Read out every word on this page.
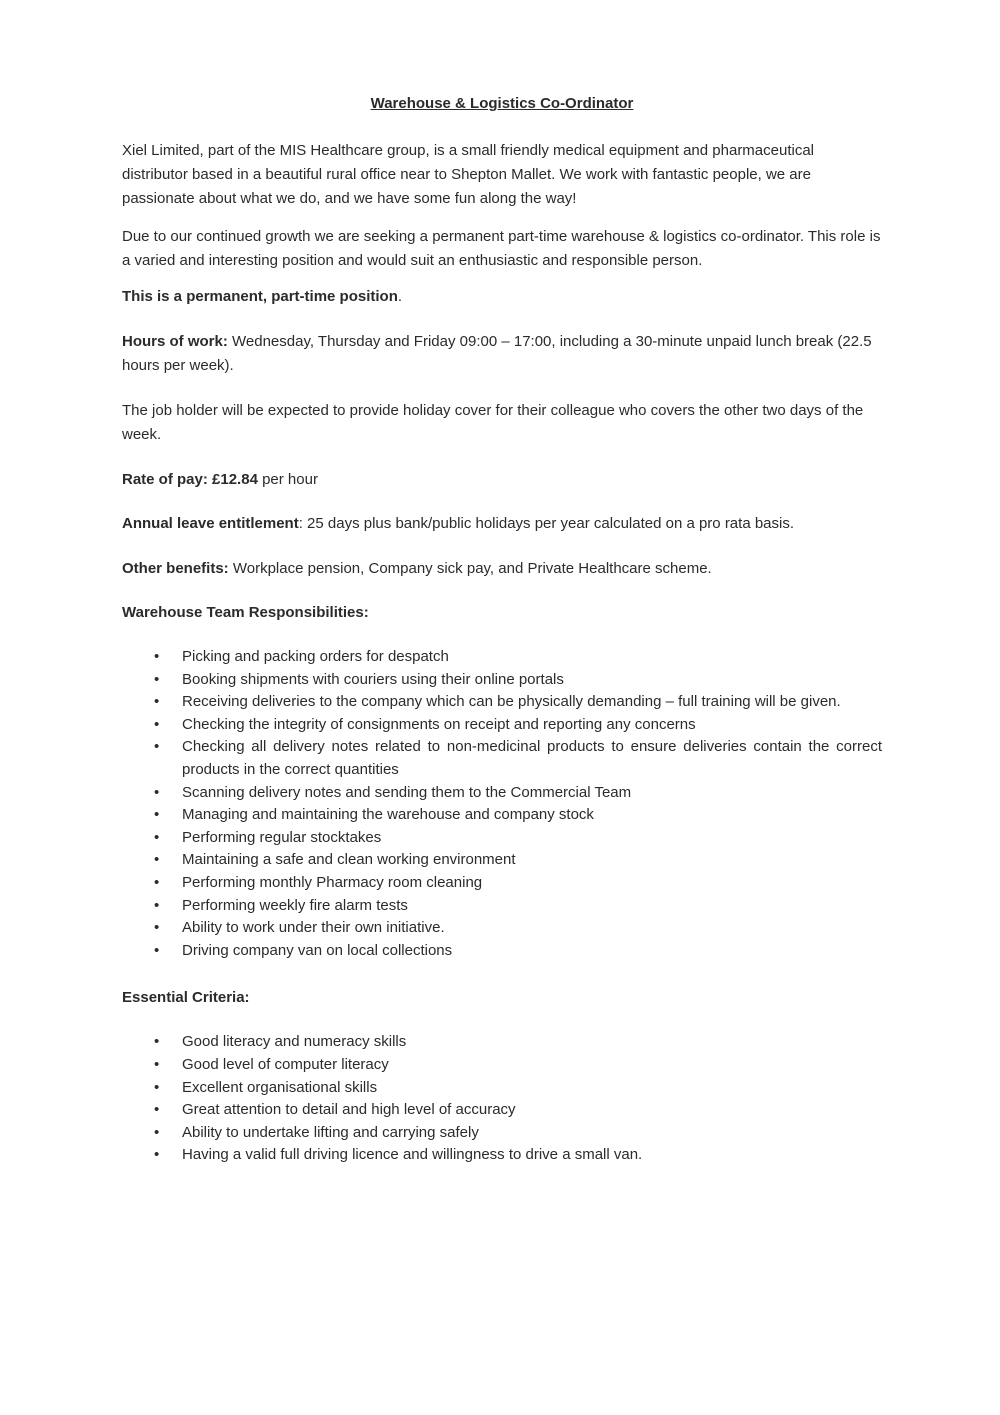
Warehouse & Logistics Co-Ordinator

Xiel Limited, part of the MIS Healthcare group, is a small friendly medical equipment and pharmaceutical distributor based in a beautiful rural office near to Shepton Mallet. We work with fantastic people, we are passionate about what we do, and we have some fun along the way!

Due to our continued growth we are seeking a permanent part-time warehouse & logistics co-ordinator. This role is a varied and interesting position and would suit an enthusiastic and responsible person.

This is a permanent, part-time position.

Hours of work: Wednesday, Thursday and Friday 09:00 – 17:00, including a 30-minute unpaid lunch break (22.5 hours per week).

The job holder will be expected to provide holiday cover for their colleague who covers the other two days of the week.

Rate of pay: £12.84 per hour

Annual leave entitlement: 25 days plus bank/public holidays per year calculated on a pro rata basis.

Other benefits: Workplace pension, Company sick pay, and Private Healthcare scheme.

Warehouse Team Responsibilities:

• Picking and packing orders for despatch
• Booking shipments with couriers using their online portals
• Receiving deliveries to the company which can be physically demanding – full training will be given.
• Checking the integrity of consignments on receipt and reporting any concerns
• Checking all delivery notes related to non-medicinal products to ensure deliveries contain the correct products in the correct quantities
• Scanning delivery notes and sending them to the Commercial Team
• Managing and maintaining the warehouse and company stock
• Performing regular stocktakes
• Maintaining a safe and clean working environment
• Performing monthly Pharmacy room cleaning
• Performing weekly fire alarm tests
• Ability to work under their own initiative.
• Driving company van on local collections

Essential Criteria:

• Good literacy and numeracy skills
• Good level of computer literacy
• Excellent organisational skills
• Great attention to detail and high level of accuracy
• Ability to undertake lifting and carrying safely
• Having a valid full driving licence and willingness to drive a small van.
